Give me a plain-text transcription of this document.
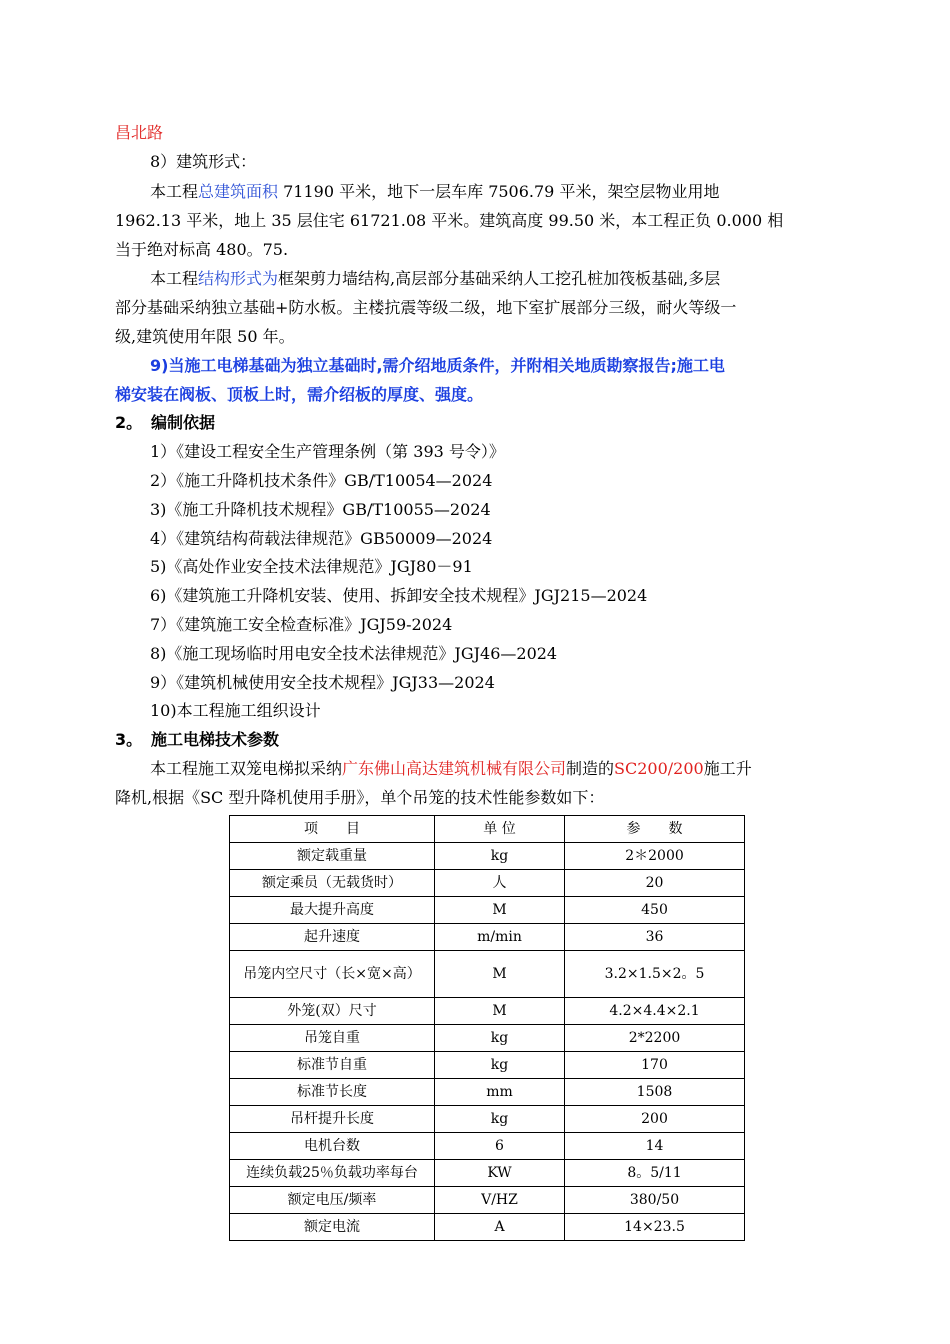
昌北路
8）建筑形式：
本工程总建筑面积 71190 平米，地下一层车库 7506.79 平米，架空层物业用地
1962.13 平米，地上 35 层住宅 61721.08 平米。建筑高度 99.50 米，本工程正负 0.000 相
当于绝对标高 480。75.
本工程结构形式为框架剪力墙结构,高层部分基础采纳人工挖孔桩加筏板基础,多层
部分基础采纳独立基础+防水板。主楼抗震等级二级，地下室扩展部分三级，耐火等级一
级,建筑使用年限 50 年。
9)当施工电梯基础为独立基础时,需介绍地质条件，并附相关地质勘察报告;施工电
梯安装在阀板、顶板上时，需介绍板的厚度、强度。
2。 编制依据
1）《建设工程安全生产管理条例（第 393 号令）》
2）《施工升降机技术条件》GB/T10054—2024
3)《施工升降机技术规程》GB/T10055—2024
4）《建筑结构荷载法律规范》GB50009—2024
5)《高处作业安全技术法律规范》JGJ80－91
6)《建筑施工升降机安装、使用、拆卸安全技术规程》JGJ215—2024
7）《建筑施工安全检查标准》JGJ59-2024
8)《施工现场临时用电安全技术法律规范》JGJ46—2024
9）《建筑机械使用安全技术规程》JGJ33—2024
10)本工程施工组织设计
3。 施工电梯技术参数
本工程施工双笼电梯拟采纳广东佛山高达建筑机械有限公司制造的SC200/200施工升
降机,根据《SC 型升降机使用手册》，单个吊笼的技术性能参数如下：
项　　目	单 位	参　　数
额定载重量	kg	2＊2000
额定乘员（无载货时）	人	20
最大提升高度	M	450
起升速度	m/min	36
吊笼内空尺寸（长×宽×高）	M	3.2×1.5×2。5
外笼(双）尺寸	M	4.2×4.4×2.1
吊笼自重	kg	2*2200
标准节自重	kg	170
标准节长度	mm	1508
吊杆提升长度	kg	200
电机台数	6	14
连续负载25％负载功率每台	KW	8。5/11
额定电压/频率	V/HZ	380/50
额定电流	A	14×23.5
